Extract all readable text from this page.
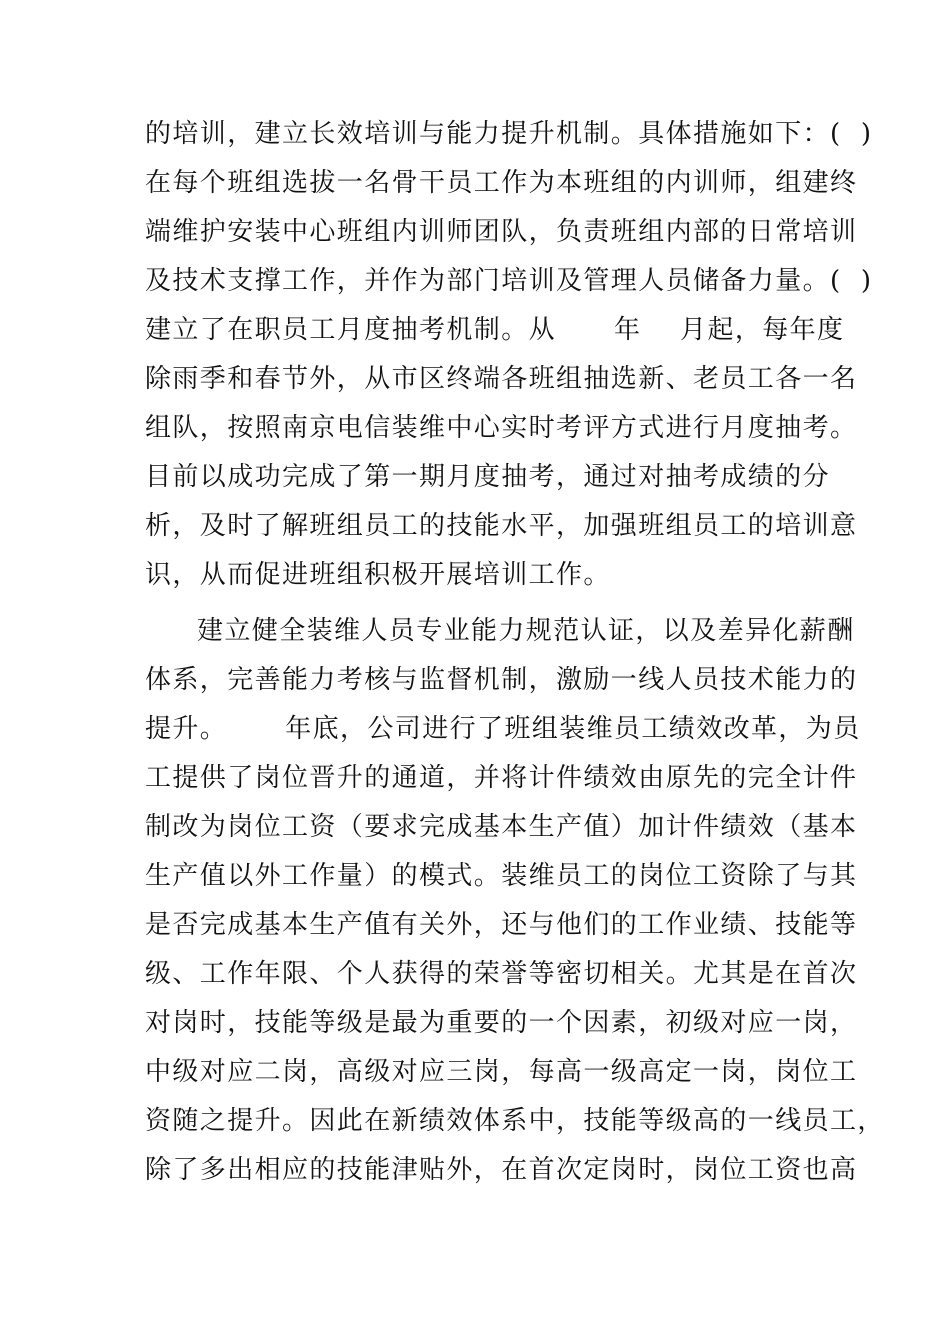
的培训，建立长效培训与能力提升机制。具体措施如下：(  )
在每个班组选拔一名骨干员工作为本班组的内训师，组建终
端维护安装中心班组内训师团队，负责班组内部的日常培训
及技术支撑工作，并作为部门培训及管理人员储备力量。(  )
建立了在职员工月度抽考机制。从      年    月起，每年度
除雨季和春节外，从市区终端各班组抽选新、老员工各一名
组队，按照南京电信装维中心实时考评方式进行月度抽考。
目前以成功完成了第一期月度抽考，通过对抽考成绩的分
析，及时了解班组员工的技能水平，加强班组员工的培训意
识，从而促进班组积极开展培训工作。
建立健全装维人员专业能力规范认证，以及差异化薪酬
体系，完善能力考核与监督机制，激励一线人员技术能力的
提升。      年底，公司进行了班组装维员工绩效改革，为员
工提供了岗位晋升的通道，并将计件绩效由原先的完全计件
制改为岗位工资（要求完成基本生产值）加计件绩效（基本
生产值以外工作量）的模式。装维员工的岗位工资除了与其
是否完成基本生产值有关外，还与他们的工作业绩、技能等
级、工作年限、个人获得的荣誉等密切相关。尤其是在首次
对岗时，技能等级是最为重要的一个因素，初级对应一岗，
中级对应二岗，高级对应三岗，每高一级高定一岗，岗位工
资随之提升。因此在新绩效体系中，技能等级高的一线员工，
除了多出相应的技能津贴外，在首次定岗时，岗位工资也高
